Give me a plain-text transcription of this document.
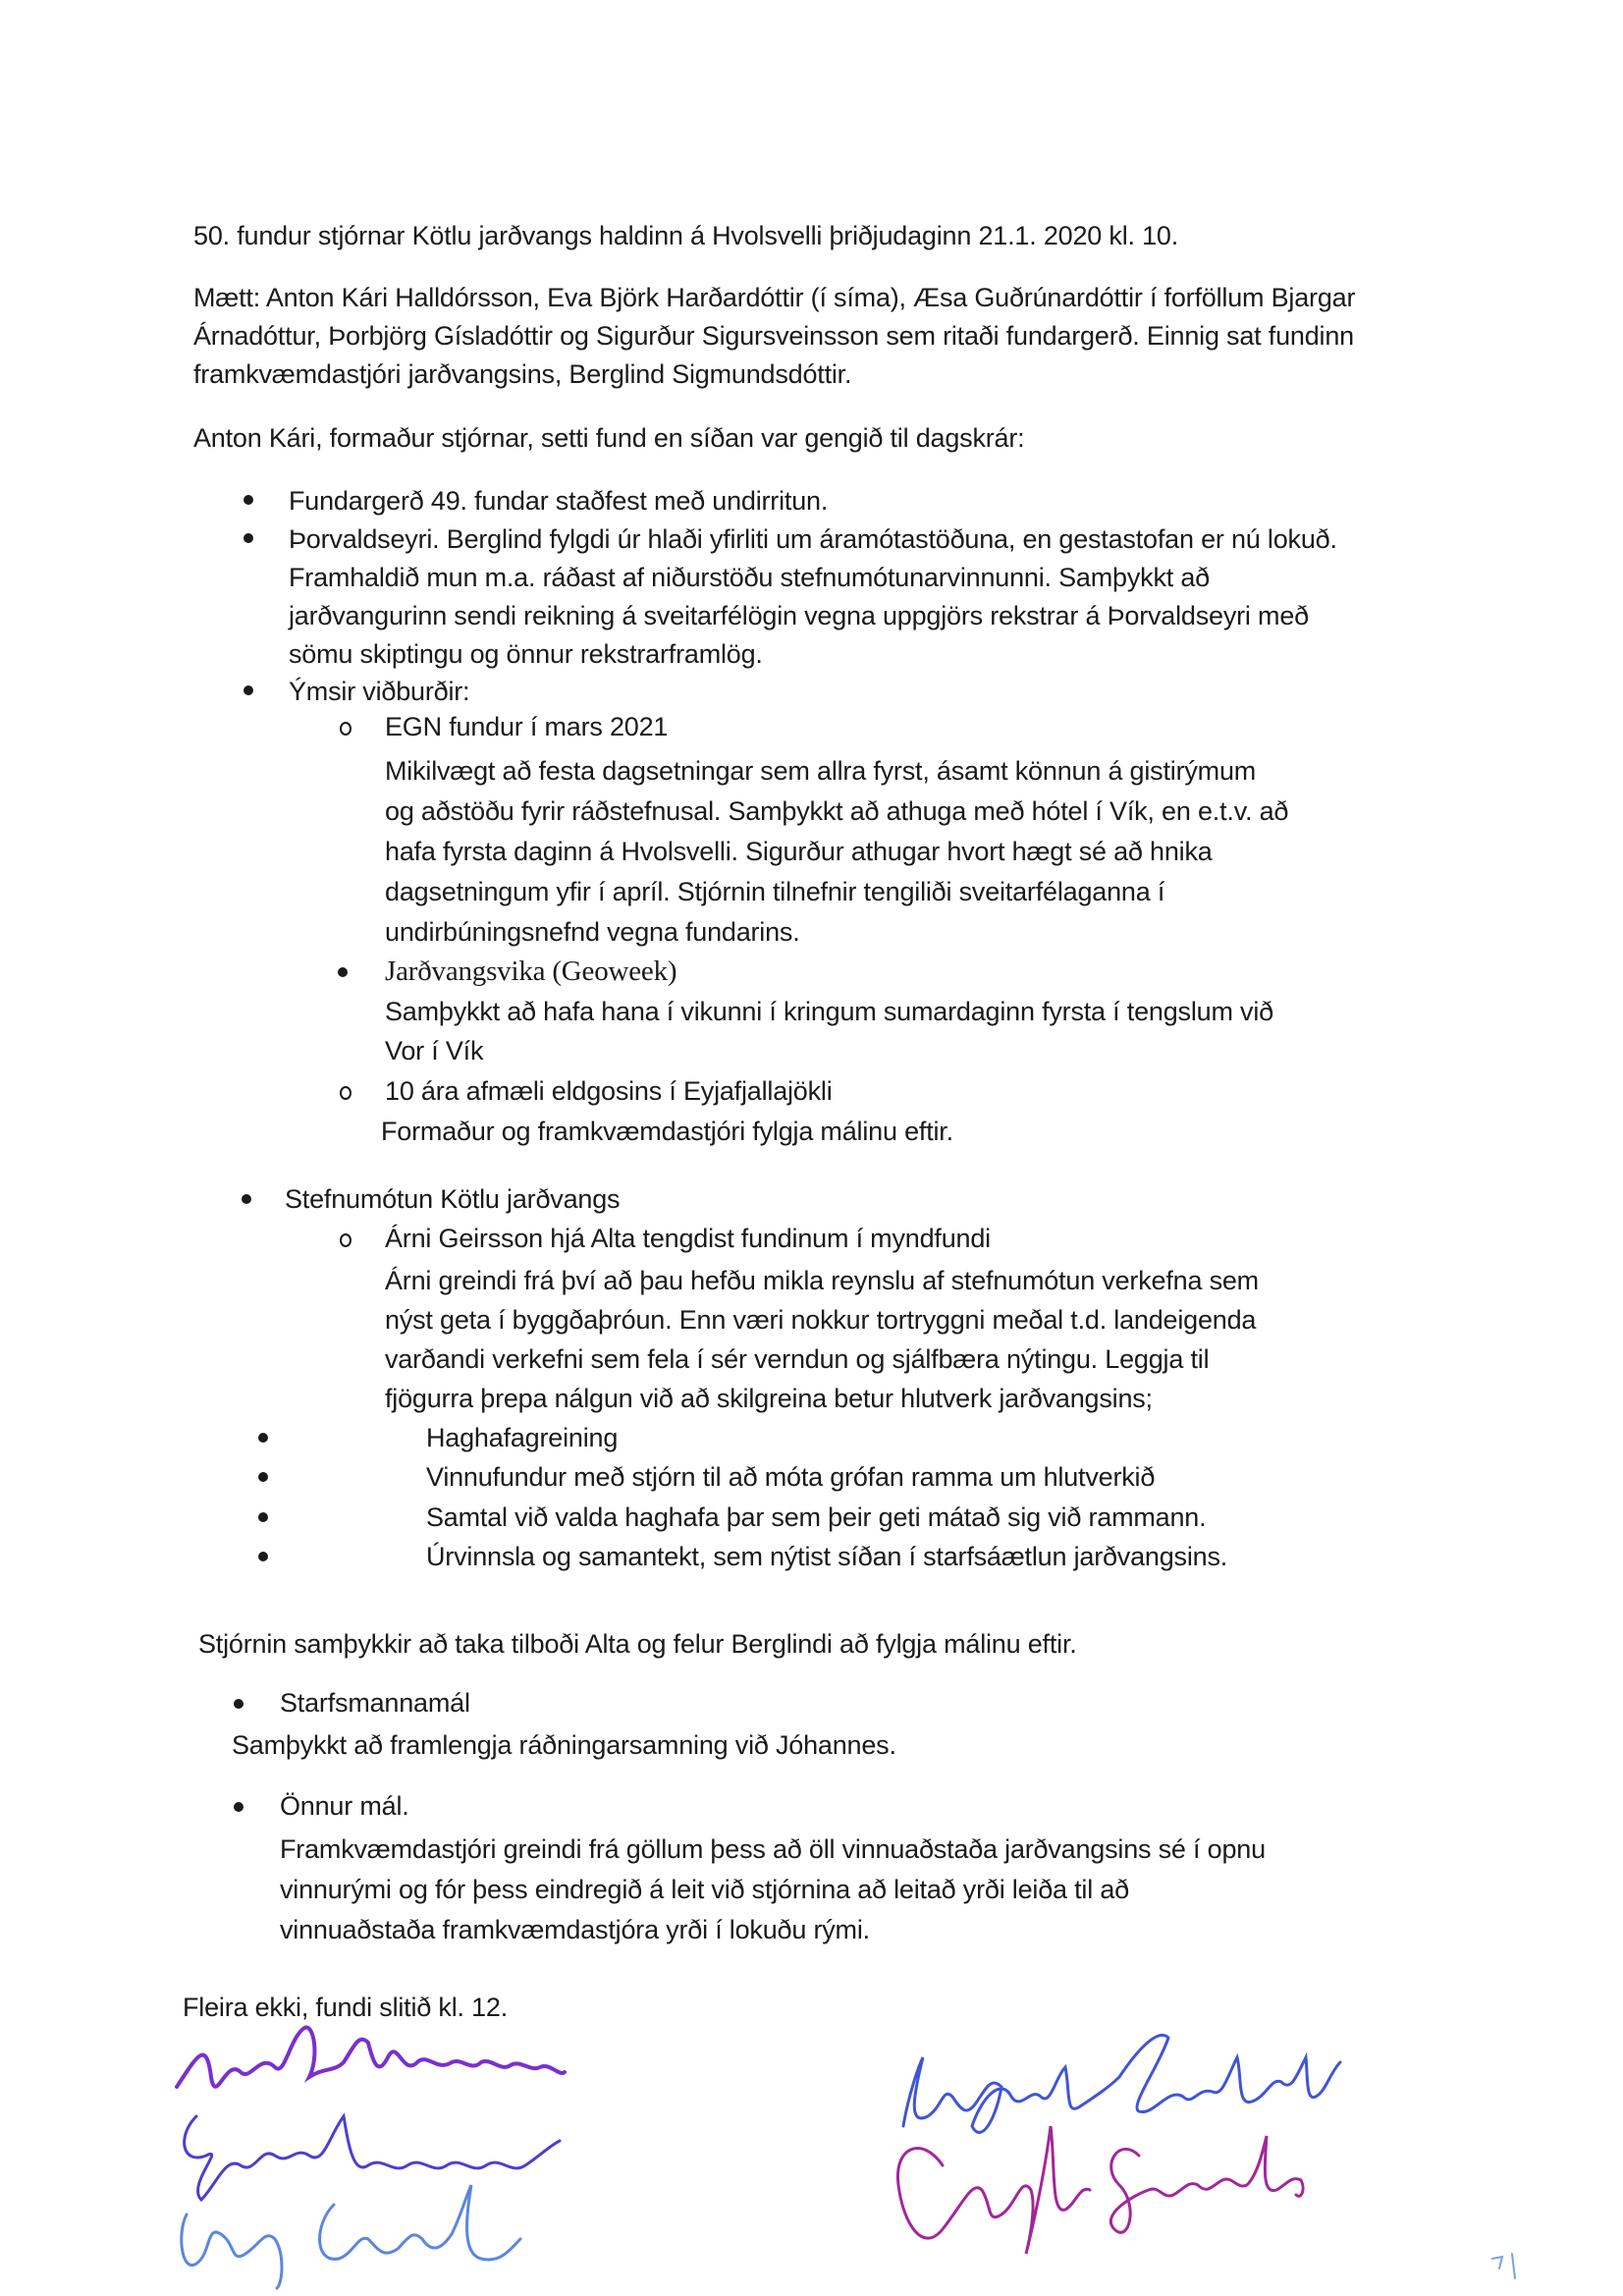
50. fundur stjórnar Kötlu jarðvangs haldinn á Hvolsvelli þriðjudaginn 21.1. 2020 kl. 10.
Mætt: Anton Kári Halldórsson, Eva Björk Harðardóttir (í síma), Æsa Guðrúnardóttir í forföllum Bjargar
Árnadóttur, Þorbjörg Gísladóttir og Sigurður Sigursveinsson sem ritaði fundargerð. Einnig sat fundinn
framkvæmdastjóri jarðvangsins, Berglind Sigmundsdóttir.
Anton Kári, formaður stjórnar, setti fund en síðan var gengið til dagskrár:
Fundargerð 49. fundar staðfest með undirritun.
Þorvaldseyri. Berglind fylgdi úr hlaði yfirliti um áramótastöðuna, en gestastofan er nú lokuð.
Framhaldið mun m.a. ráðast af niðurstöðu stefnumótunarvinnunni. Samþykkt að
jarðvangurinn sendi reikning á sveitarfélögin vegna uppgjörs rekstrar á Þorvaldseyri með
sömu skiptingu og önnur rekstrarframlög.
Ýmsir viðburðir:
EGN fundur í mars 2021
Mikilvægt að festa dagsetningar sem allra fyrst, ásamt könnun á gistirýmum
og aðstöðu fyrir ráðstefnusal. Samþykkt að athuga með hótel í Vík, en e.t.v. að
hafa fyrsta daginn á Hvolsvelli. Sigurður athugar hvort hægt sé að hnika
dagsetningum yfir í apríl. Stjórnin tilnefnir tengiliði sveitarfélaganna í
undirbúningsnefnd vegna fundarins.
Jarðvangsvika (Geoweek)
Samþykkt að hafa hana í vikunni í kringum sumardaginn fyrsta í tengslum við
Vor í Vík
10 ára afmæli eldgosins í Eyjafjallajökli
Formaður og framkvæmdastjóri fylgja málinu eftir.
Stefnumótun Kötlu jarðvangs
Árni Geirsson hjá Alta tengdist fundinum í myndfundi
Árni greindi frá því að þau hefðu mikla reynslu af stefnumótun verkefna sem
nýst geta í byggðaþróun. Enn væri nokkur tortryggni meðal t.d. landeigenda
varðandi verkefni sem fela í sér verndun og sjálfbæra nýtingu. Leggja til
fjögurra þrepa nálgun við að skilgreina betur hlutverk jarðvangsins;
Haghafagreining
Vinnufundur með stjórn til að móta grófan ramma um hlutverkið
Samtal við valda haghafa þar sem þeir geti mátað sig við rammann.
Úrvinnsla og samantekt, sem nýtist síðan í starfsáætlun jarðvangsins.
Stjórnin samþykkir að taka tilboði Alta og felur Berglindi að fylgja málinu eftir.
Starfsmannamál
Samþykkt að framlengja ráðningarsamning við Jóhannes.
Önnur mál.
Framkvæmdastjóri greindi frá göllum þess að öll vinnuaðstaða jarðvangsins sé í opnu
vinnurými og fór þess eindregið á leit við stjórnina að leitað yrði leiða til að
vinnuaðstaða framkvæmdastjóra yrði í lokuðu rými.
Fleira ekki, fundi slitið kl. 12.
